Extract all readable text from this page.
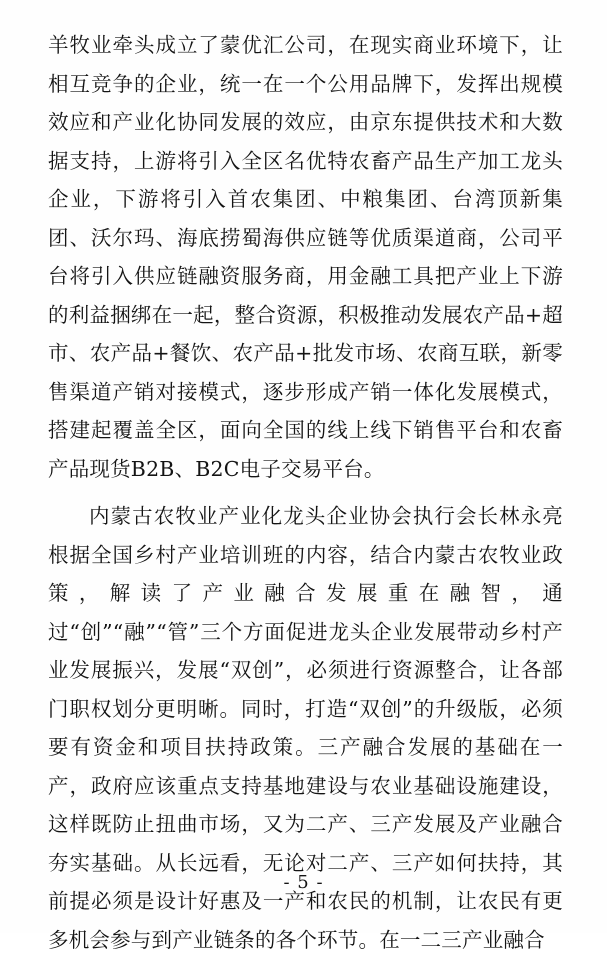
羊牧业牵头成立了蒙优汇公司，在现实商业环境下，让相互竞争的企业，统一在一个公用品牌下，发挥出规模效应和产业化协同发展的效应，由京东提供技术和大数据支持，上游将引入全区名优特农畜产品生产加工龙头企业，下游将引入首农集团、中粮集团、台湾顶新集团、沃尔玛、海底捞蜀海供应链等优质渠道商，公司平台将引入供应链融资服务商，用金融工具把产业上下游的利益捆绑在一起，整合资源，积极推动发展农产品+超市、农产品+餐饮、农产品+批发市场、农商互联，新零售渠道产销对接模式，逐步形成产销一体化发展模式，搭建起覆盖全区，面向全国的线上线下销售平台和农畜产品现货B2B、B2C电子交易平台。

内蒙古农牧业产业化龙头企业协会执行会长林永亮根据全国乡村产业培训班的内容，结合内蒙古农牧业政策，解读了产业融合发展重在融智，通过“创”“融”“管”三个方面促进龙头企业发展带动乡村产业发展振兴，发展“双创”，必须进行资源整合，让各部门职权划分更明晰。同时，打造“双创”的升级版，必须要有资金和项目扶持政策。三产融合发展的基础在一产，政府应该重点支持基地建设与农业基础设施建设，这样既防止扭曲市场，又为二产、三产发展及产业融合夯实基础。从长远看，无论对二产、三产如何扶持，其前提必须是设计好惠及一产和农民的机制，让农民有更多机会参与到产业链条的各个环节。在一二三产业融合

- 5 -
